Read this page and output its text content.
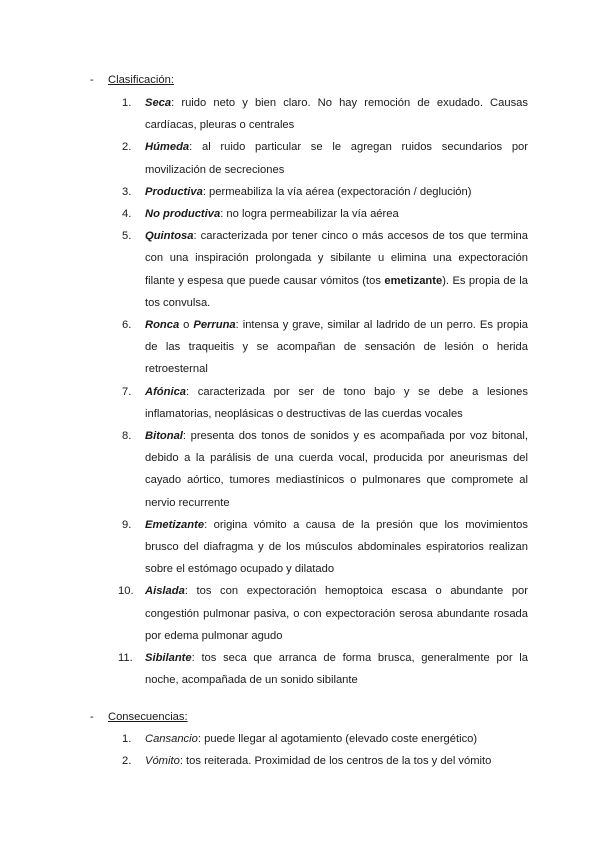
- Clasificación:
1. Seca: ruido neto y bien claro. No hay remoción de exudado. Causas cardíacas, pleuras o centrales
2. Húmeda: al ruido particular se le agregan ruidos secundarios por movilización de secreciones
3. Productiva: permeabiliza la vía aérea (expectoración / deglución)
4. No productiva: no logra permeabilizar la vía aérea
5. Quintosa: caracterizada por tener cinco o más accesos de tos que termina con una inspiración prolongada y sibilante u elimina una expectoración filante y espesa que puede causar vómitos (tos emetizante). Es propia de la tos convulsa.
6. Ronca o Perruna: intensa y grave, similar al ladrido de un perro. Es propia de las traqueitis y se acompañan de sensación de lesión o herida retroesternal
7. Afónica: caracterizada por ser de tono bajo y se debe a lesiones inflamatorias, neoplásicas o destructivas de las cuerdas vocales
8. Bitonal: presenta dos tonos de sonidos y es acompañada por voz bitonal, debido a la parálisis de una cuerda vocal, producida por aneurismas del cayado aórtico, tumores mediastínicos o pulmonares que compromete al nervio recurrente
9. Emetizante: origina vómito a causa de la presión que los movimientos brusco del diafragma y de los músculos abdominales espiratorios realizan sobre el estómago ocupado y dilatado
10. Aislada: tos con expectoración hemoptoica escasa o abundante por congestión pulmonar pasiva, o con expectoración serosa abundante rosada por edema pulmonar agudo
11. Sibilante: tos seca que arranca de forma brusca, generalmente por la noche, acompañada de un sonido sibilante
- Consecuencias:
1. Cansancio: puede llegar al agotamiento (elevado coste energético)
2. Vómito: tos reiterada. Proximidad de los centros de la tos y del vómito
